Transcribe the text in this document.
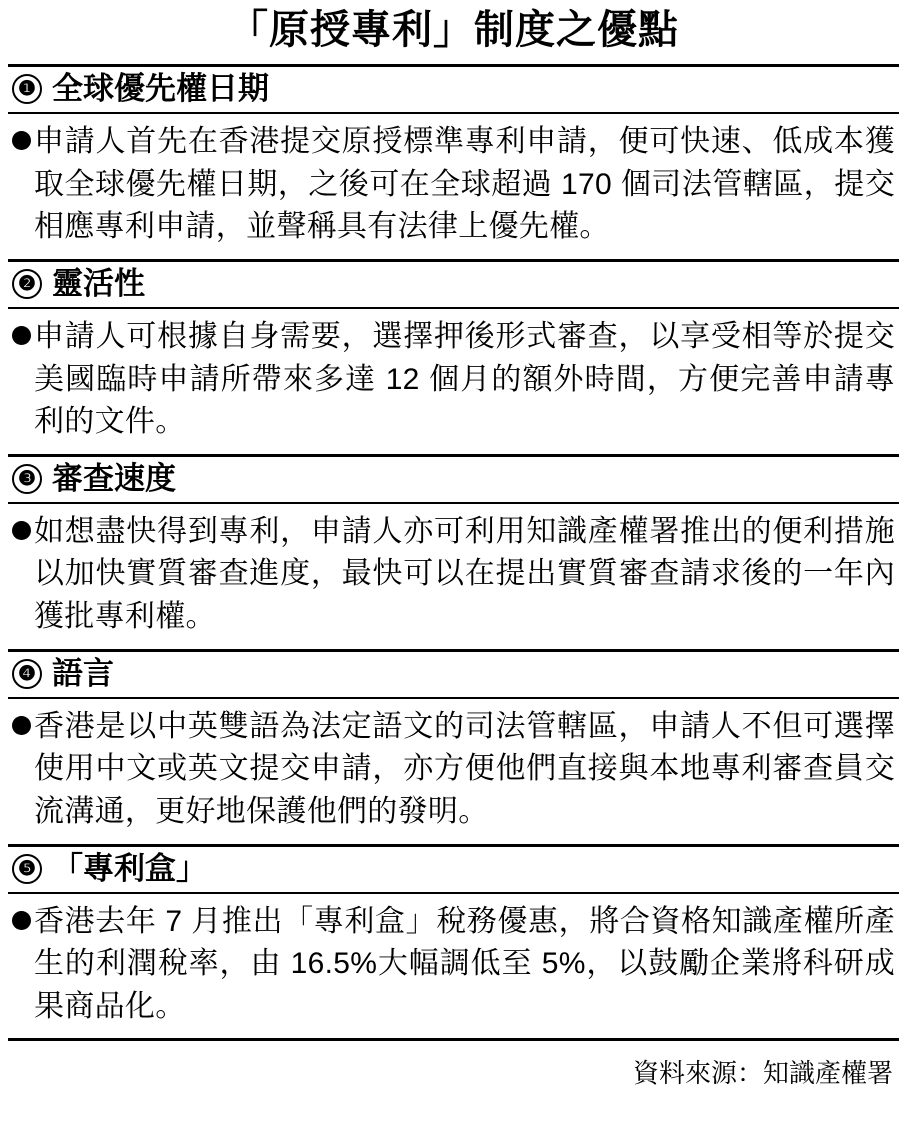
「原授專利」制度之優點
❶ 全球優先權日期
申請人首先在香港提交原授標準專利申請，便可快速、低成本獲取全球優先權日期，之後可在全球超過 170 個司法管轄區，提交相應專利申請，並聲稱具有法律上優先權。
❷ 靈活性
申請人可根據自身需要，選擇押後形式審查，以享受相等於提交美國臨時申請所帶來多達 12 個月的額外時間，方便完善申請專利的文件。
❸ 審查速度
如想盡快得到專利，申請人亦可利用知識產權署推出的便利措施以加快實質審查進度，最快可以在提出實質審查請求後的一年內獲批專利權。
❹ 語言
香港是以中英雙語為法定語文的司法管轄區，申請人不但可選擇使用中文或英文提交申請，亦方便他們直接與本地專利審查員交流溝通，更好地保護他們的發明。
❺ 「專利盒」
香港去年 7 月推出「專利盒」稅務優惠，將合資格知識產權所產生的利潤稅率，由 16.5%大幅調低至 5%，以鼓勵企業將科研成果商品化。
資料來源：知識產權署
